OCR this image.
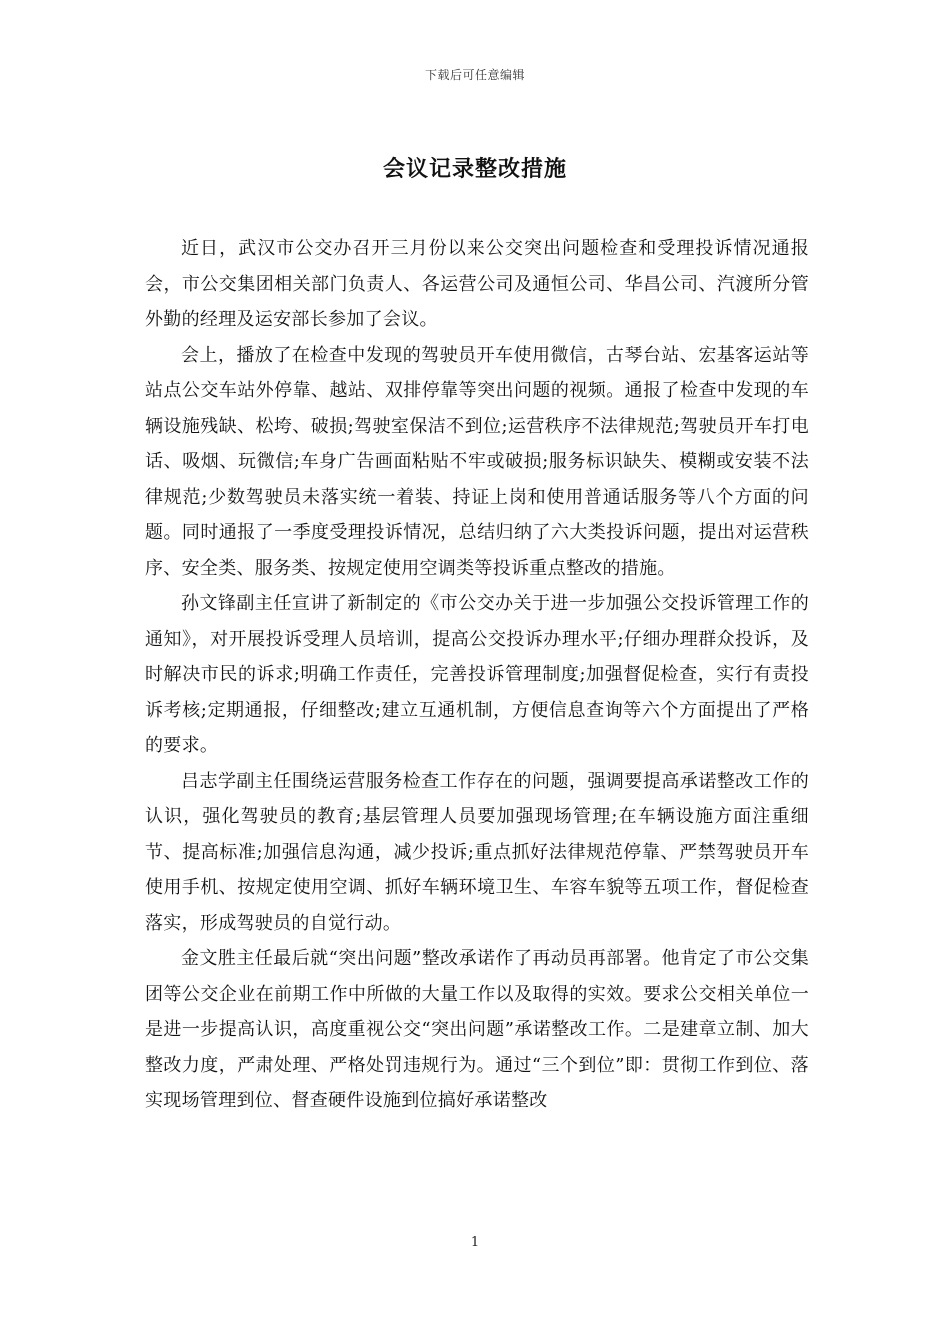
下载后可任意编辑
会议记录整改措施

近日，武汉市公交办召开三月份以来公交突出问题检查和受理投诉情况通报会，市公交集团相关部门负责人、各运营公司及通恒公司、华昌公司、汽渡所分管外勤的经理及运安部长参加了会议。

会上，播放了在检查中发现的驾驶员开车使用微信，古琴台站、宏基客运站等站点公交车站外停靠、越站、双排停靠等突出问题的视频。通报了检查中发现的车辆设施残缺、松垮、破损;驾驶室保洁不到位;运营秩序不法律规范;驾驶员开车打电话、吸烟、玩微信;车身广告画面粘贴不牢或破损;服务标识缺失、模糊或安装不法律规范;少数驾驶员未落实统一着装、持证上岗和使用普通话服务等八个方面的问题。同时通报了一季度受理投诉情况，总结归纳了六大类投诉问题，提出对运营秩序、安全类、服务类、按规定使用空调类等投诉重点整改的措施。

孙文锋副主任宣讲了新制定的《市公交办关于进一步加强公交投诉管理工作的通知》，对开展投诉受理人员培训，提高公交投诉办理水平;仔细办理群众投诉，及时解决市民的诉求;明确工作责任，完善投诉管理制度;加强督促检查，实行有责投诉考核;定期通报，仔细整改;建立互通机制，方便信息查询等六个方面提出了严格的要求。

吕志学副主任围绕运营服务检查工作存在的问题，强调要提高承诺整改工作的认识，强化驾驶员的教育;基层管理人员要加强现场管理;在车辆设施方面注重细节、提高标准;加强信息沟通，减少投诉;重点抓好法律规范停靠、严禁驾驶员开车使用手机、按规定使用空调、抓好车辆环境卫生、车容车貌等五项工作，督促检查落实，形成驾驶员的自觉行动。

金文胜主任最后就“突出问题”整改承诺作了再动员再部署。他肯定了市公交集团等公交企业在前期工作中所做的大量工作以及取得的实效。要求公交相关单位一是进一步提高认识，高度重视公交“突出问题”承诺整改工作。二是建章立制、加大整改力度，严肃处理、严格处罚违规行为。通过“三个到位”即：贯彻工作到位、落实现场管理到位、督查硬件设施到位搞好承诺整改

1
